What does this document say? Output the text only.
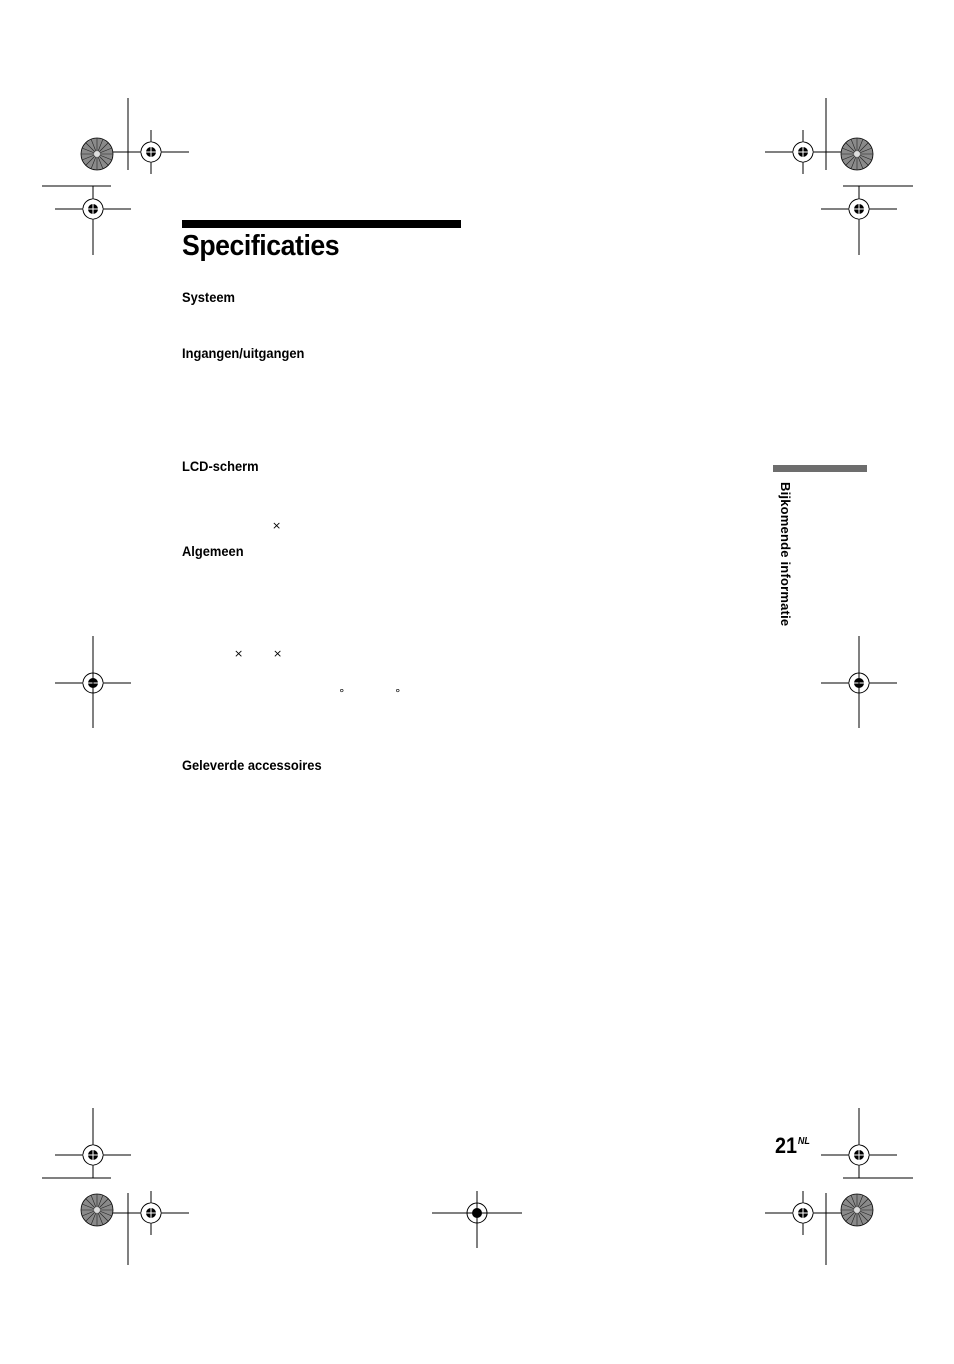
Specificaties
Systeem
Ingangen/uitgangen
LCD-scherm
×
Algemeen
×	×
°	°
Geleverde accessoires
Bijkomende informatie
$21^{NL}$
